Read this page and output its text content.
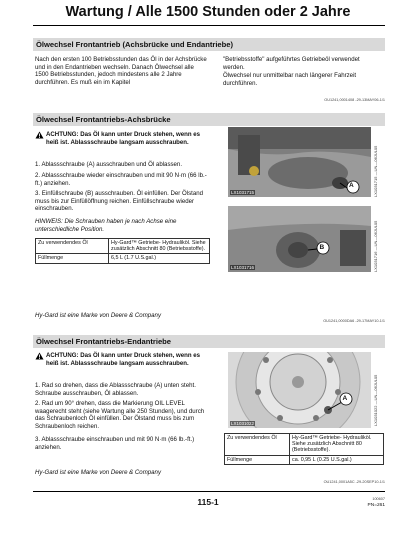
Wartung / Alle 1500 Stunden oder 2 Jahre
Ölwechsel Frontantrieb (Achsbrücke und Endantriebe)
Nach den ersten 100 Betriebsstunden das Öl in der Achsbrücke und in den Endantrieben wechseln. Danach Ölwechsel alle 1500 Betriebsstunden, jedoch mindestens alle 2 Jahre durchführen. Es muß ein im Kapitel
"Betriebsstoffe" aufgeführtes Getriebeöl verwendet werden.
Ölwechsel nur unmittelbar nach längerer Fahrzeit durchführen.
OU1241,0001408 -29-13MAY06-1/1
Ölwechsel Frontantriebs-Achsbrücke
ACHTUNG: Das Öl kann unter Druck stehen, wenn es heiß ist. Ablassschraube langsam ausschrauben.
1. Ablassschraube (A) ausschrauben und Öl ablassen.
2. Ablassschraube wieder einschrauben und mit 90 N·m (66 lb.-ft.) anziehen.
3. Einfüllschraube (B) ausschrauben. Öl einfüllen. Der Ölstand muss bis zur Einfüllöffnung reichen. Einfüllschraube wieder einschrauben.
HINWEIS: Die Schrauben haben je nach Achse eine unterschiedliche Position.
Zu verwendendes Öl	Hy-Gard™ Getriebe- Hydrauliköl. Siehe zusätzlich Abschnitt 80 (Betriebsstoffe).
Füllmenge	6,5 L (1.7 U.S.gal.)
Hy-Gard ist eine Marke von Deere & Company
A
LX1031715	LX1031715 —UN—06JUL05
B
LX1031716	LX1031716 —UN—06JUL05
OU1241,0000DA6 -29-17MAY10-1/1
Ölwechsel Frontantriebs-Endantriebe
ACHTUNG: Das Öl kann unter Druck stehen, wenn es heiß ist. Ablassschraube langsam ausschrauben.
1. Rad so drehen, dass die Ablassschraube (A) unten steht. Schraube ausschrauben, Öl ablassen.
2. Rad um 90° drehen, dass die Markierung OIL LEVEL waagerecht steht (siehe Wartung alle 250 Stunden), und durch das Schraubenloch Öl einfüllen. Der Ölstand muss bis zum Schraubenloch reichen.
3. Ablassschraube einschrauben und mit 90 N·m (66 lb.-ft.) anziehen.
Hy-Gard ist eine Marke von Deere & Company
A
LX1031022	LX1031022 —UN—06JUL05
Zu verwendendes Öl	Hy-Gard™ Getriebe- Hydrauliköl. Siehe zusätzlich Abschnitt 80 (Betriebsstoffe).
Füllmenge	ca. 0,95 L (0.25 U.S.gal.)
OU1241,0001A5C -29-20SEP10-1/1
115-1	100607
PN=261
